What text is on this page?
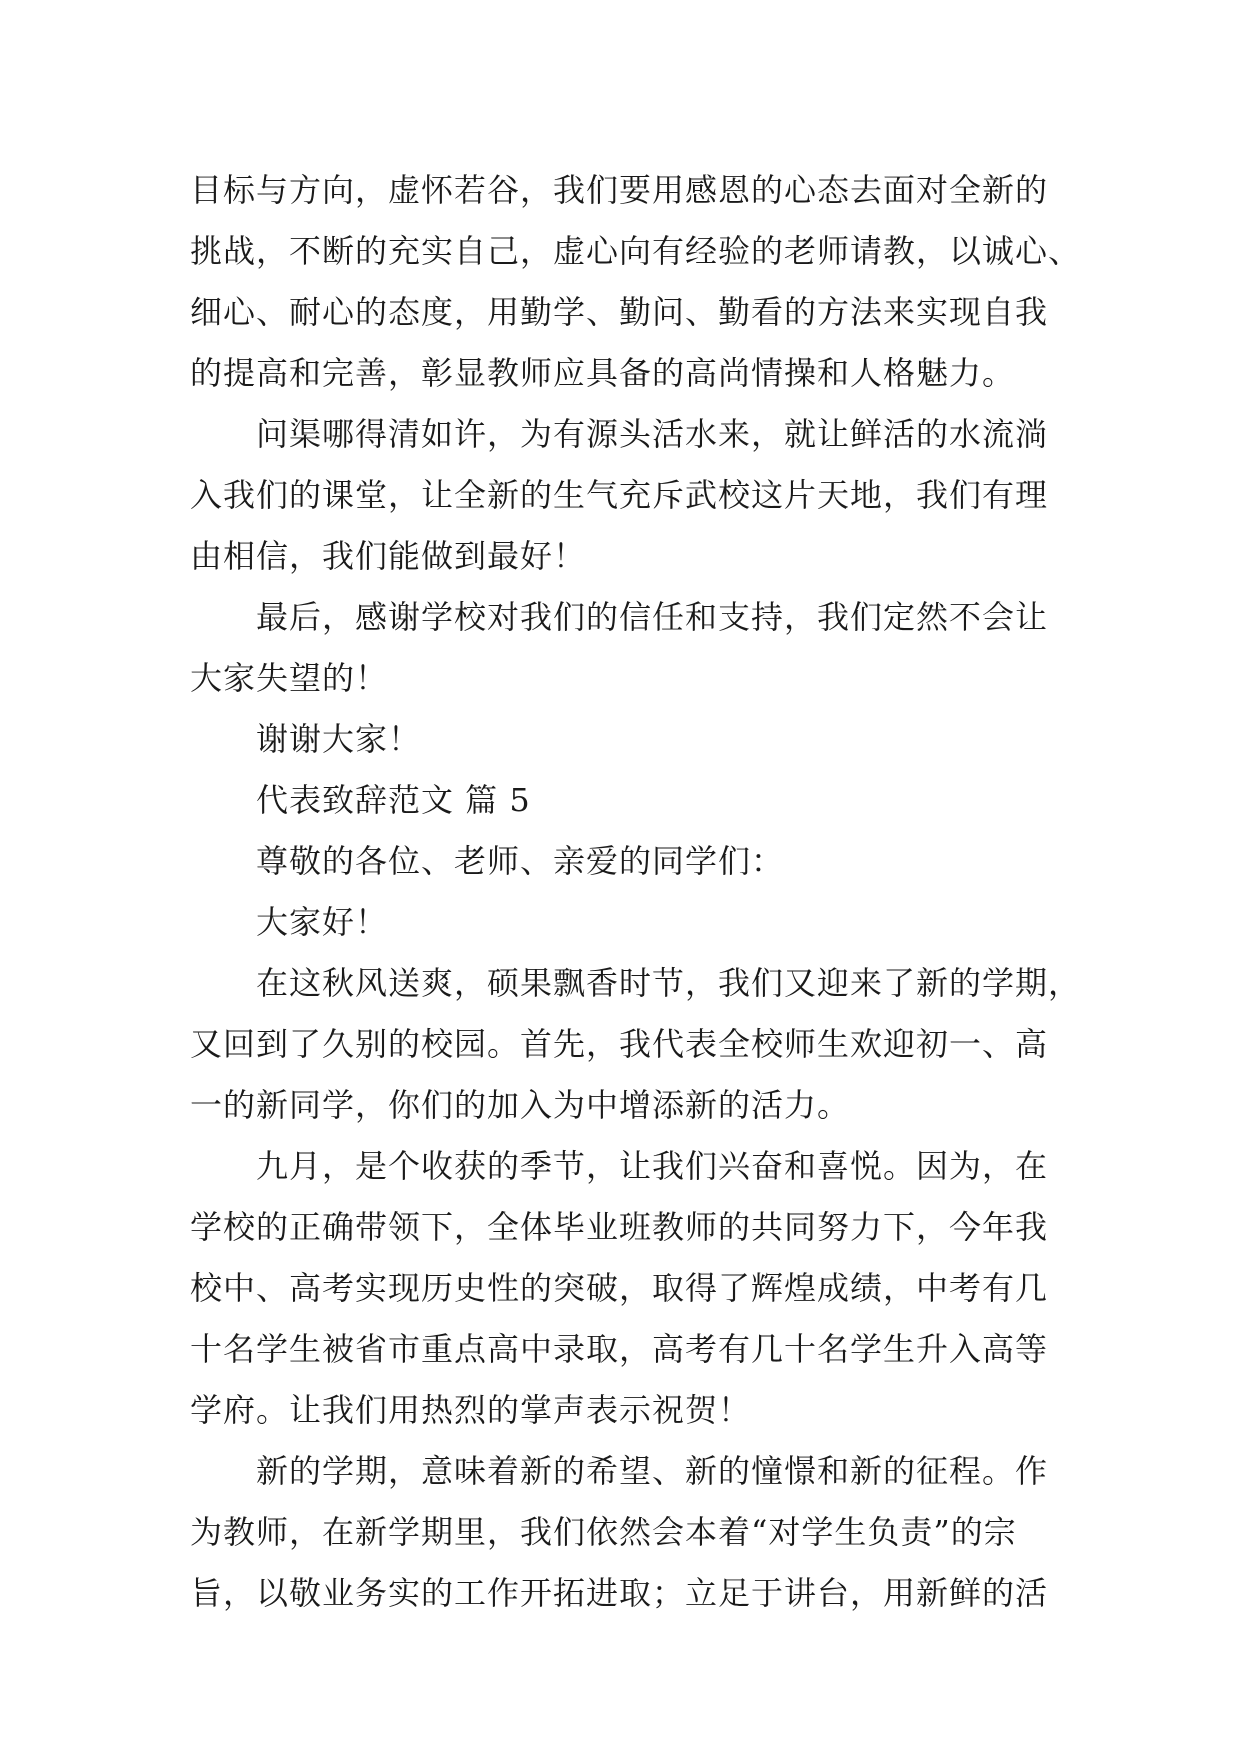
目标与方向，虚怀若谷，我们要用感恩的心态去面对全新的
挑战，不断的充实自己，虚心向有经验的老师请教，以诚心、
细心、耐心的态度，用勤学、勤问、勤看的方法来实现自我
的提高和完善，彰显教师应具备的高尚情操和人格魅力。
　　问渠哪得清如许，为有源头活水来，就让鲜活的水流淌
入我们的课堂，让全新的生气充斥武校这片天地，我们有理
由相信，我们能做到最好！
　　最后，感谢学校对我们的信任和支持，我们定然不会让
大家失望的！
　　谢谢大家！
　　代表致辞范文 篇 5
　　尊敬的各位、老师、亲爱的同学们：
　　大家好！
　　在这秋风送爽，硕果飘香时节，我们又迎来了新的学期，
又回到了久别的校园。首先，我代表全校师生欢迎初一、高
一的新同学，你们的加入为中增添新的活力。
　　九月，是个收获的季节，让我们兴奋和喜悦。因为，在
学校的正确带领下，全体毕业班教师的共同努力下，今年我
校中、高考实现历史性的突破，取得了辉煌成绩，中考有几
十名学生被省市重点高中录取，高考有几十名学生升入高等
学府。让我们用热烈的掌声表示祝贺！
　　新的学期，意味着新的希望、新的憧憬和新的征程。作
为教师，在新学期里，我们依然会本着“对学生负责”的宗
旨，以敬业务实的工作开拓进取；立足于讲台，用新鲜的活
